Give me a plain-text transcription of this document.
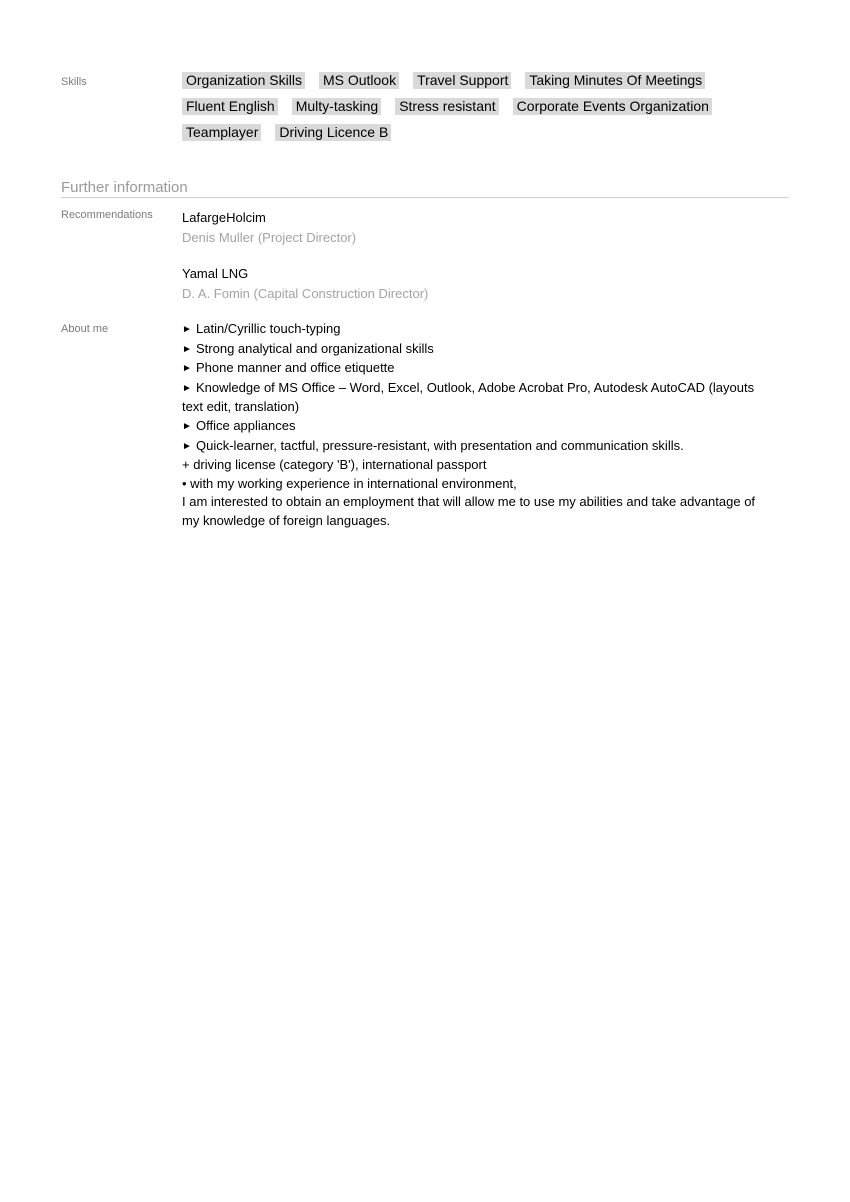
Skills	Organization Skills MS Outlook Travel Support Taking Minutes Of Meetings
Fluent English Multy-tasking Stress resistant Corporate Events Organization
Teamplayer Driving Licence B
Further information
Recommendations LafargeHolcim
Denis Muller (Project Director)
Yamal LNG
D. A. Fomin (Capital Construction Director)
About me	► Latin/Cyrillic touch-typing

► Strong analytical and organizational skills

► Phone manner and office etiquette

► Knowledge of MS Office – Word, Excel, Outlook, Adobe Acrobat Pro, Autodesk AutoCAD (layouts text edit, translation)

► Office appliances

► Quick-learner, tactful, pressure-resistant, with presentation and communication skills.

+ driving license (category 'B'), international passport

• with my working experience in international environment,

I am interested to obtain an employment that will allow me to use my abilities and take advantage of my knowledge of foreign languages.
